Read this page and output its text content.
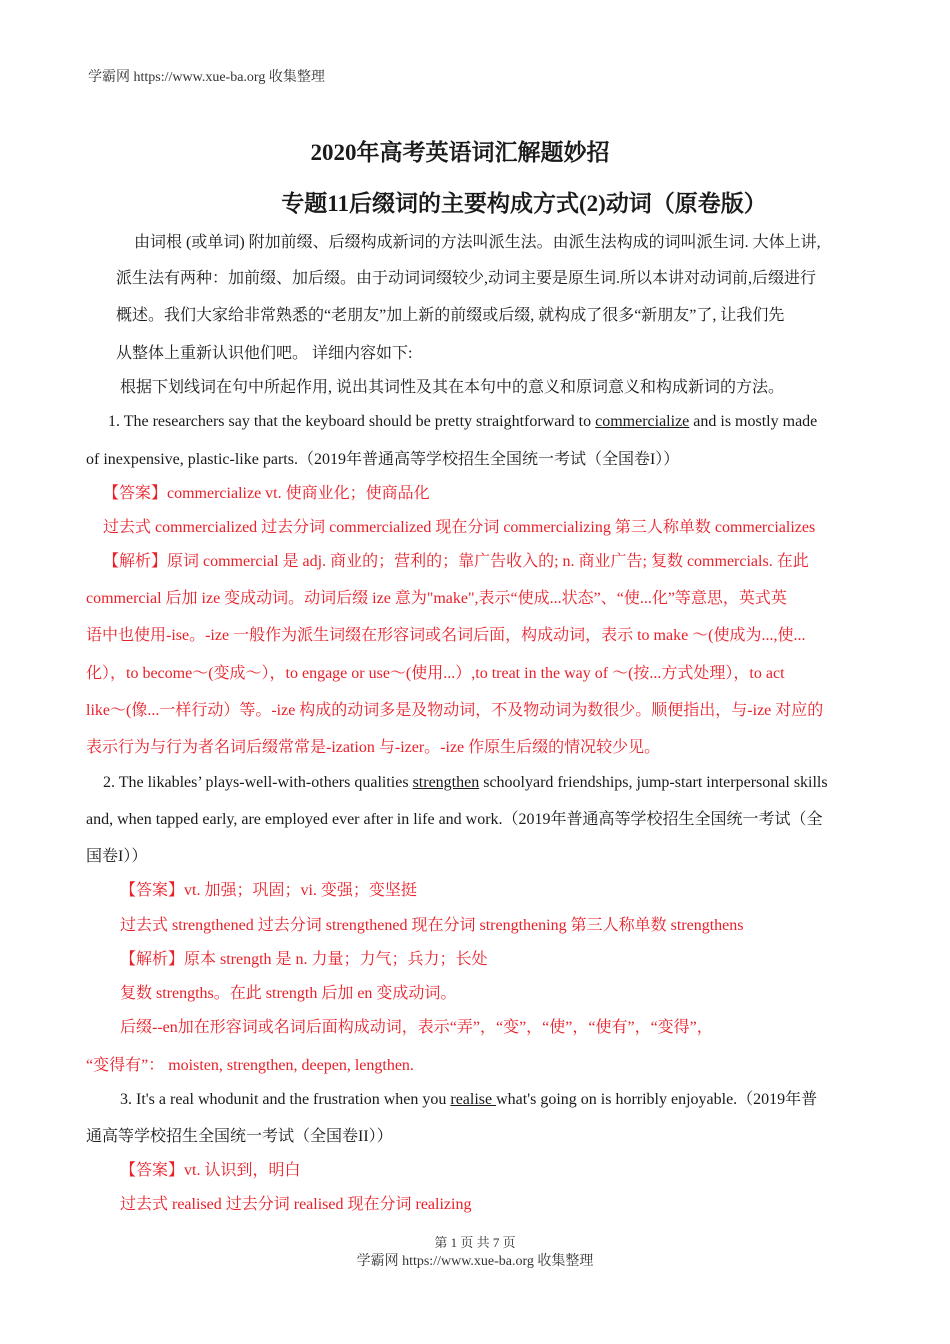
学霸网 https://www.xue-ba.org 收集整理
2020年高考英语词汇解题妙招
专题11后缀词的主要构成方式(2)动词（原卷版）
由词根 (或单词) 附加前缀、后缀构成新词的方法叫派生法。由派生法构成的词叫派生词. 大体上讲,
派生法有两种：加前缀、加后缀。由于动词词缀较少,动词主要是原生词.所以本讲对动词前,后缀进行
概述。我们大家给非常熟悉的“老朋友”加上新的前缀或后缀, 就构成了很多“新朋友”了, 让我们先
从整体上重新认识他们吧。 详细内容如下:
根据下划线词在句中所起作用, 说出其词性及其在本句中的意义和原词意义和构成新词的方法。
1. The researchers say that the keyboard should be pretty straightforward to commercialize and is mostly made
of inexpensive, plastic-like parts.（2019年普通高等学校招生全国统一考试（全国卷I））
【答案】commercialize vt. 使商业化；使商品化
过去式 commercialized 过去分词 commercialized 现在分词 commercializing 第三人称单数 commercializes
【解析】原词 commercial 是 adj. 商业的；营利的；靠广告收入的; n. 商业广告; 复数 commercials. 在此
commercial 后加 ize 变成动词。动词后缀 ize 意为"make",表示“使成...状态”、“使...化”等意思，英式英
语中也使用-ise。-ize 一般作为派生词缀在形容词或名词后面，构成动词，表示 to make ～(使成为...,使...
化），to become～(变成～），to engage or use～(使用...）,to treat in the way of ～(按...方式处理），to act
like～(像...一样行动）等。-ize 构成的动词多是及物动词，不及物动词为数很少。顺便指出，与-ize 对应的
表示行为与行为者名词后缀常常是-ization 与-izer。-ize 作原生后缀的情况较少见。
2. The likables’ plays-well-with-others qualities strengthen schoolyard friendships, jump-start interpersonal skills
and, when tapped early, are employed ever after in life and work.（2019年普通高等学校招生全国统一考试（全
国卷I））
【答案】vt. 加强；巩固；vi. 变强；变坚挺
过去式 strengthened 过去分词 strengthened 现在分词 strengthening 第三人称单数 strengthens
【解析】原本 strength 是 n. 力量；力气；兵力；长处
复数 strengths。在此 strength 后加 en 变成动词。
后缀--en加在形容词或名词后面构成动词，表示“弄”，“变”，“使”，“使有”，“变得”，
“变得有”： moisten, strengthen, deepen, lengthen.
3. It's a real whodunit and the frustration when you realise what's going on is horribly enjoyable.（2019年普
通高等学校招生全国统一考试（全国卷II））
【答案】vt. 认识到，明白
过去式 realised 过去分词 realised 现在分词 realizing
第 1 页 共 7 页
学霸网 https://www.xue-ba.org 收集整理
